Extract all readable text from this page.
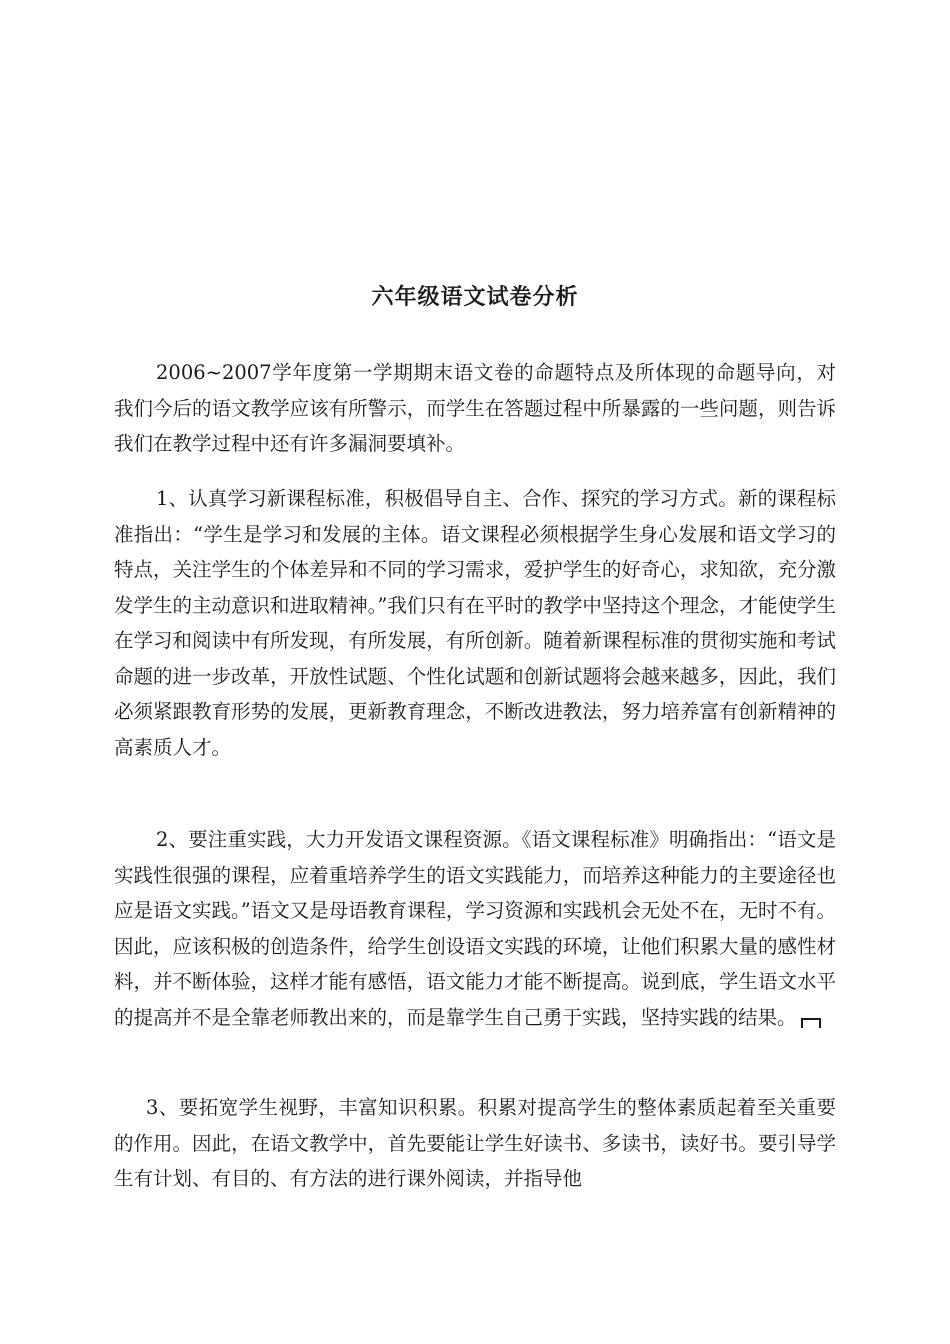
六年级语文试卷分析

2006~2007学年度第一学期期末语文卷的命题特点及所体现的命题导向，对我们今后的语文教学应该有所警示，而学生在答题过程中所暴露的一些问题，则告诉我们在教学过程中还有许多漏洞要填补。

1、认真学习新课程标准，积极倡导自主、合作、探究的学习方式。新的课程标准指出：“学生是学习和发展的主体。语文课程必须根据学生身心发展和语文学习的特点，关注学生的个体差异和不同的学习需求，爱护学生的好奇心，求知欲，充分激发学生的主动意识和进取精神。”我们只有在平时的教学中坚持这个理念，才能使学生在学习和阅读中有所发现，有所发展，有所创新。随着新课程标准的贯彻实施和考试命题的进一步改革，开放性试题、个性化试题和创新试题将会越来越多，因此，我们必须紧跟教育形势的发展，更新教育理念，不断改进教法，努力培养富有创新精神的高素质人才。

2、要注重实践，大力开发语文课程资源。《语文课程标准》明确指出：“语文是实践性很强的课程，应着重培养学生的语文实践能力，而培养这种能力的主要途径也应是语文实践。”语文又是母语教育课程，学习资源和实践机会无处不在，无时不有。因此，应该积极的创造条件，给学生创设语文实践的环境，让他们积累大量的感性材料，并不断体验，这样才能有感悟，语文能力才能不断提高。说到底，学生语文水平的提高并不是全靠老师教出来的，而是靠学生自己勇于实践，坚持实践的结果。

3、要拓宽学生视野，丰富知识积累。积累对提高学生的整体素质起着至关重要的作用。因此，在语文教学中，首先要能让学生好读书、多读书，读好书。要引导学生有计划、有目的、有方法的进行课外阅读，并指导他
